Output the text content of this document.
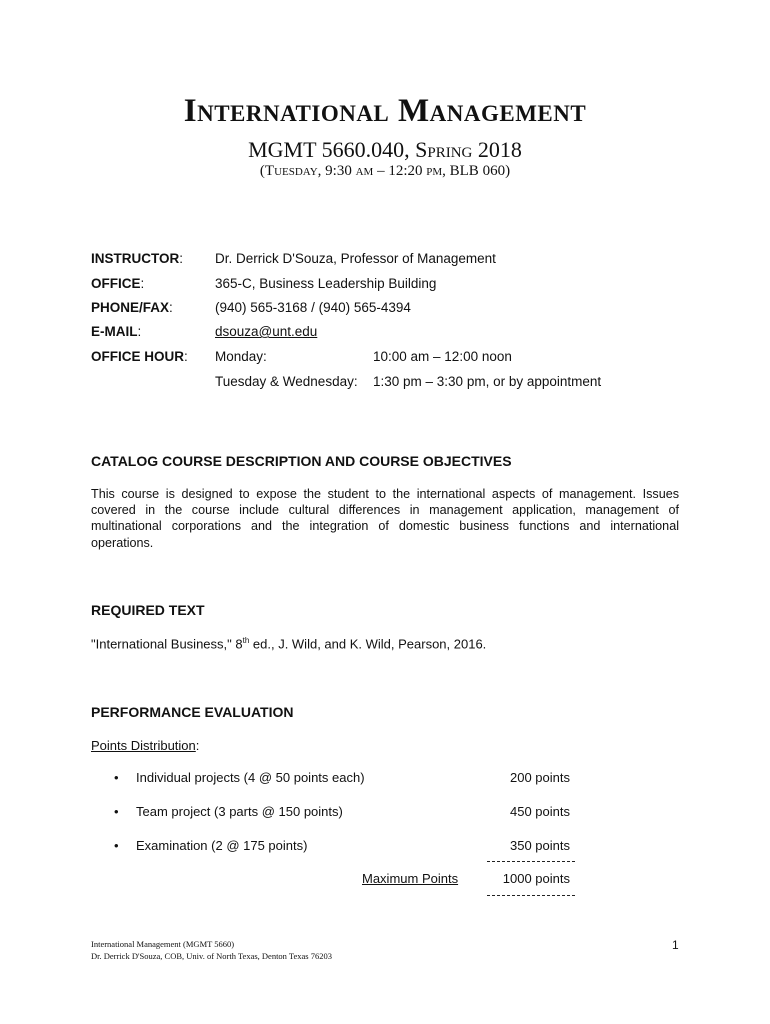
International Management
MGMT 5660.040, Spring 2018
(Tuesday, 9:30 am – 12:20 pm, BLB 060)
INSTRUCTOR: Dr. Derrick D'Souza, Professor of Management
OFFICE:	365-C, Business Leadership Building
PHONE/FAX:	(940) 565-3168 / (940) 565-4394
E-MAIL:	dsouza@unt.edu
OFFICE HOUR: Monday:	10:00 am – 12:00 noon
Tuesday & Wednesday: 1:30 pm – 3:30 pm, or by appointment
CATALOG COURSE DESCRIPTION AND COURSE OBJECTIVES
This course is designed to expose the student to the international aspects of management. Issues
covered in the course include cultural differences in management application, management of
multinational corporations and the integration of domestic business functions and international
operations.
REQUIRED TEXT
"International Business," 8th ed., J. Wild, and K. Wild, Pearson, 2016.
PERFORMANCE EVALUATION
Points Distribution:
• Individual projects (4 @ 50 points each)	200 points
• Team project (3 parts @ 150 points)	450 points
• Examination (2 @ 175 points)	350 points
Maximum Points	1000 points
International Management (MGMT 5660)
Dr. Derrick D'Souza, COB, Univ. of North Texas, Denton Texas 76203
1
